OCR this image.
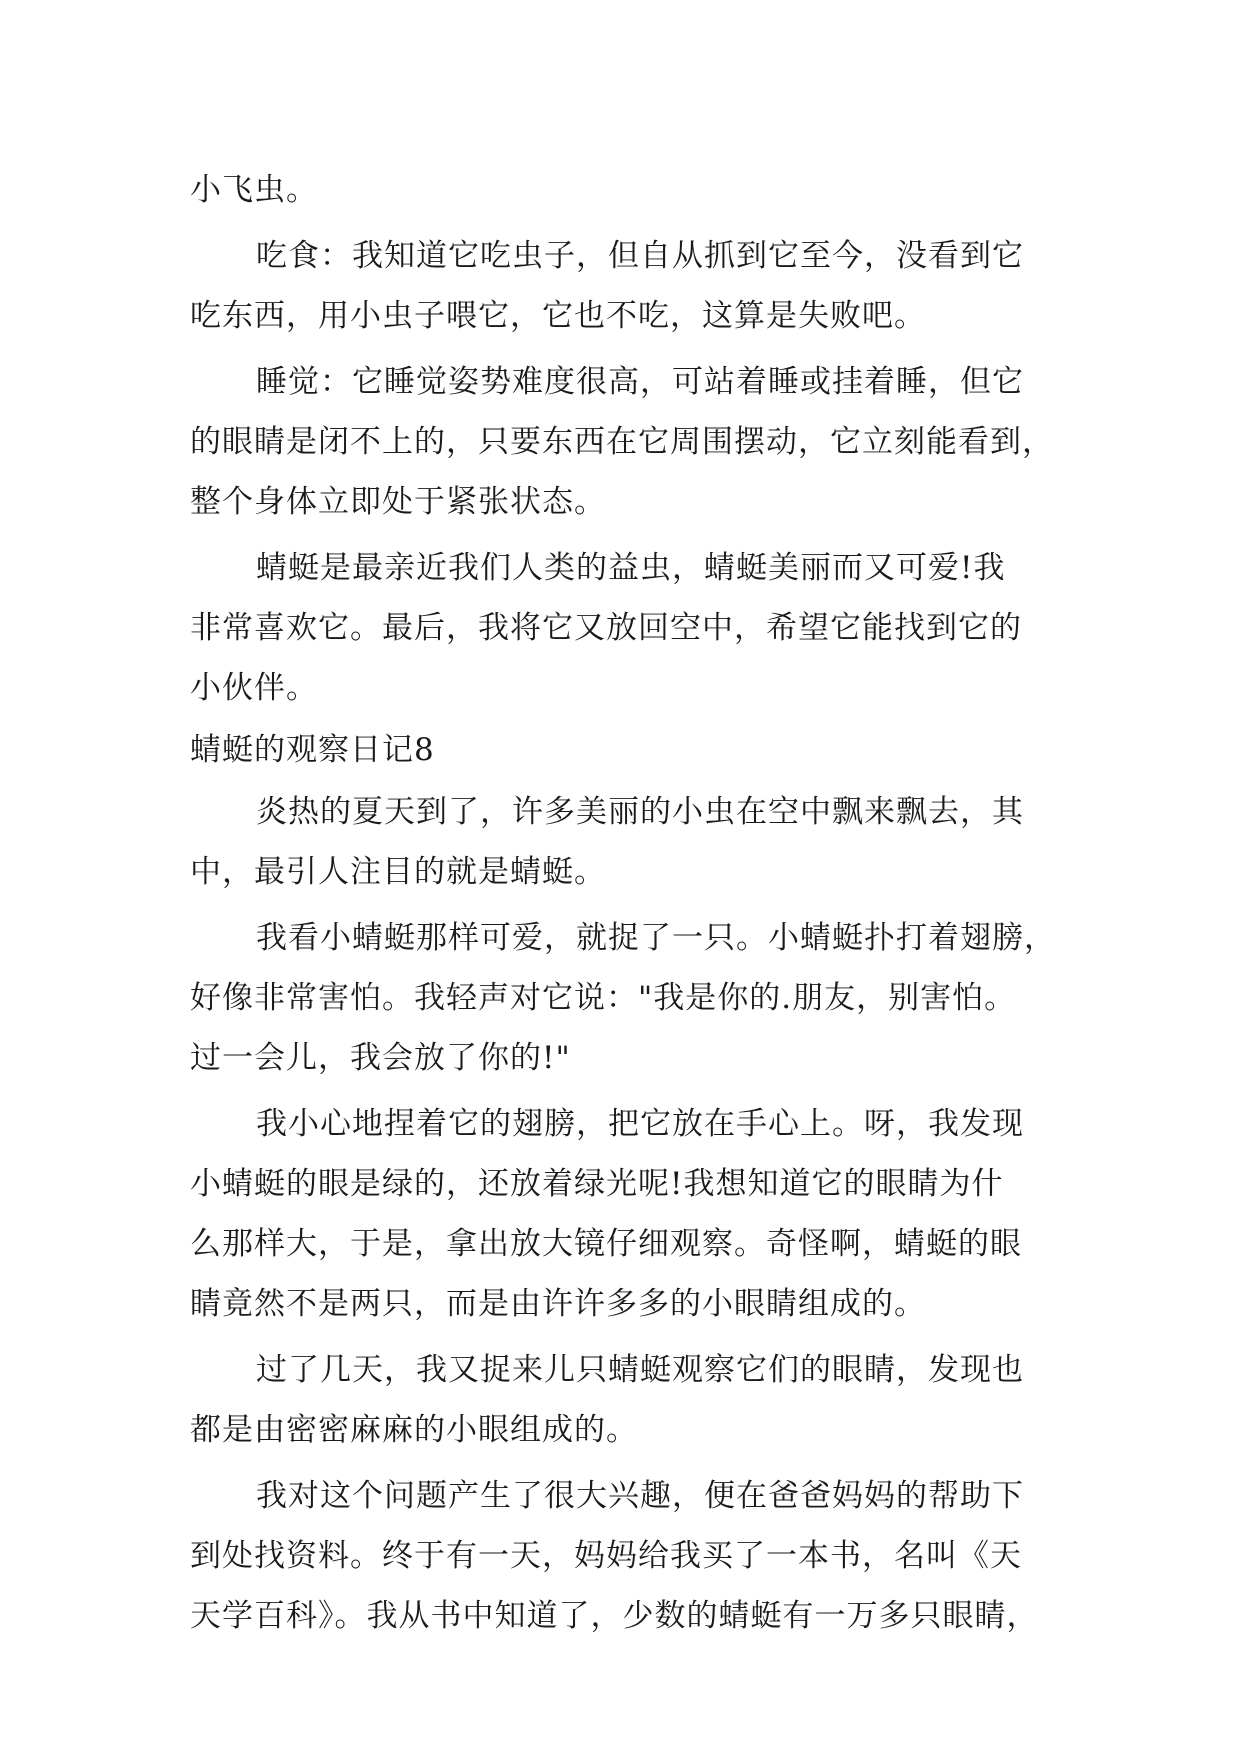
小飞虫。
吃食：我知道它吃虫子，但自从抓到它至今，没看到它
吃东西，用小虫子喂它，它也不吃，这算是失败吧。
睡觉：它睡觉姿势难度很高，可站着睡或挂着睡，但它
的眼睛是闭不上的，只要东西在它周围摆动，它立刻能看到，
整个身体立即处于紧张状态。
蜻蜓是最亲近我们人类的益虫，蜻蜓美丽而又可爱!我
非常喜欢它。最后，我将它又放回空中，希望它能找到它的
小伙伴。
蜻蜓的观察日记8
炎热的夏天到了，许多美丽的小虫在空中飘来飘去，其
中，最引人注目的就是蜻蜓。
我看小蜻蜓那样可爱，就捉了一只。小蜻蜓扑打着翅膀，
好像非常害怕。我轻声对它说："我是你的.朋友，别害怕。
过一会儿，我会放了你的!"
我小心地捏着它的翅膀，把它放在手心上。呀，我发现
小蜻蜓的眼是绿的，还放着绿光呢!我想知道它的眼睛为什
么那样大，于是，拿出放大镜仔细观察。奇怪啊，蜻蜓的眼
睛竟然不是两只，而是由许许多多的小眼睛组成的。
过了几天，我又捉来儿只蜻蜓观察它们的眼睛，发现也
都是由密密麻麻的小眼组成的。
我对这个问题产生了很大兴趣，便在爸爸妈妈的帮助下
到处找资料。终于有一天，妈妈给我买了一本书，名叫《天
天学百科》。我从书中知道了，少数的蜻蜓有一万多只眼睛，
